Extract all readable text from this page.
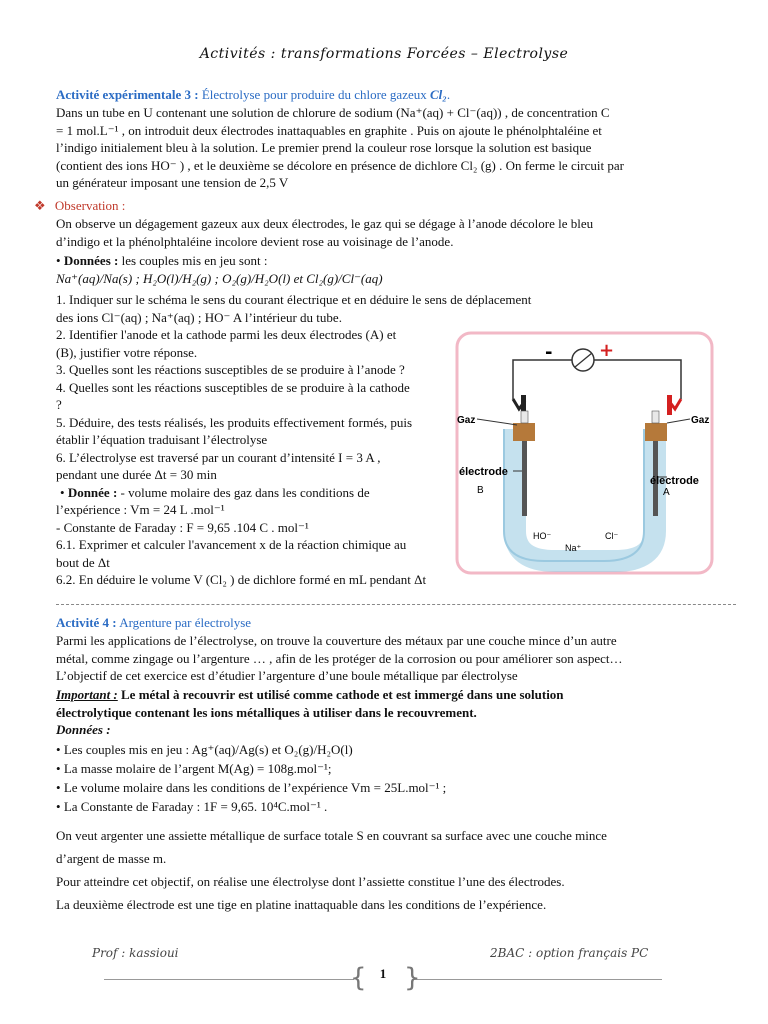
Activités : transformations Forcées – Electrolyse
Activité expérimentale 3 : Électrolyse pour produire du chlore gazeux Cl₂.

Dans un tube en U contenant une solution de chlorure de sodium (Na⁺(aq) + Cl⁻(aq)) , de concentration C

= 1 mol.L⁻¹ , on introduit deux électrodes inattaquables en graphite . Puis on ajoute le phénolphtaléine et

l’indigo initialement bleu à la solution. Le premier prend la couleur rose lorsque la solution est basique

(contient des ions HO⁻ ) , et le deuxième se décolore en présence de dichlore Cl₂ (g) . On ferme le circuit par

un générateur imposant une tension de 2,5 V

❖ Observation :

On observe un dégagement gazeux aux deux électrodes, le gaz qui se dégage à l’anode décolore le bleu

d’indigo et la phénolphtaléine incolore devient rose au voisinage de l’anode.

• Données : les couples mis en jeu sont :

Na⁺(aq)/Na(s) ; H₂O(l)/H₂(g) ; O₂(g)/H₂O(l) et Cl₂(g)/Cl⁻(aq)

1. Indiquer sur le schéma le sens du courant électrique et en déduire le sens de déplacement

des ions Cl⁻(aq) ; Na⁺(aq) ; HO⁻ A l’intérieur du tube.

2. Identifier l'anode et la cathode parmi les deux électrodes (A) et

(B), justifier votre réponse.

3. Quelles sont les réactions susceptibles de se produire à l’anode ?

4. Quelles sont les réactions susceptibles de se produire à la cathode

?

5. Déduire, des tests réalisés, les produits effectivement formés, puis

établir l’équation traduisant l’électrolyse

6. L’électrolyse est traversé par un courant d’intensité I = 3 A ,

pendant une durée Δt = 30 min

• Donnée : - volume molaire des gaz dans les conditions de

l’expérience : Vm = 24 L .mol⁻¹

- Constante de Faraday : F = 9,65 .104 C . mol⁻¹

6.1. Exprimer et calculer l'avancement x de la réaction chimique au

bout de Δt

6.2. En déduire le volume V (Cl₂ ) de dichlore formé en mL pendant Δt

-	+
Gaz	Gaz
électrode
électrode
B	A
HO⁻	Cl⁻
Na⁺
Activité 4 : Argenture par électrolyse

Parmi les applications de l’électrolyse, on trouve la couverture des métaux par une couche mince d’un autre

métal, comme zingage ou l’argenture … , afin de les protéger de la corrosion ou pour améliorer son aspect…

L’objectif de cet exercice est d’étudier l’argenture d’une boule métallique par électrolyse

Important : Le métal à recouvrir est utilisé comme cathode et est immergé dans une solution

électrolytique contenant les ions métalliques à utiliser dans le recouvrement.

Données :

• Les couples mis en jeu : Ag⁺(aq)/Ag(s) et O₂(g)/H₂O(l)

• La masse molaire de l’argent M(Ag) = 108g.mol⁻¹;

• Le volume molaire dans les conditions de l’expérience Vm = 25L.mol⁻¹ ;

• La Constante de Faraday : 1F = 9,65. 10⁴C.mol⁻¹ .

On veut argenter une assiette métallique de surface totale S en couvrant sa surface avec une couche mince

d’argent de masse m.

Pour atteindre cet objectif, on réalise une électrolyse dont l’assiette constitue l’une des électrodes.

La deuxième électrode est une tige en platine inattaquable dans les conditions de l’expérience.

Prof : kassioui	2BAC : option français PC
{ }
1
